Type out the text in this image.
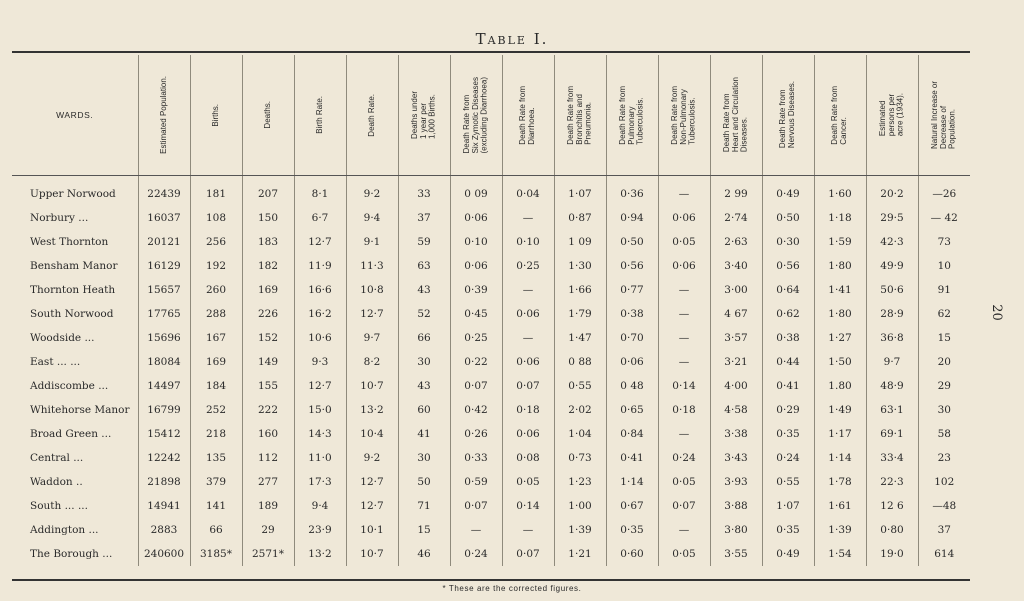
Table I.
WARDS.	Estimated Population.	Births.	Deaths.	Birth Rate.	Death Rate.	Deaths under
1 year per
1,000 Births.	Death Rate from
Six Zymotic Diseases
(excluding Diarrhoea)	Death Rate from
Diarrhoea.	Death Rate from
Bronchitis and
Pneumonia.	Death Rate from
Pulmonary
Tuberculosis.	Death Rate from
Non-Pulmonary
Tuberculosis.	Death Rate from
Heart and Circulation
Diseases.	Death Rate from
Nervous Diseases.	Death Rate from
Cancer.	Estimated
persons per
acre (1934).	Natural Increase or
Decrease of
Population.

Upper Norwood	22439	181	207	8·1	9·2	33	0 09	0·04	1·07	0·36	—	2 99	0·49	1·60	20·2	—26
Norbury ...	16037	108	150	6·7	9·4	37	0·06	—	0·87	0·94	0·06	2·74	0·50	1·18	29·5	— 42
West Thornton	20121	256	183	12·7	9·1	59	0·10	0·10	1 09	0·50	0·05	2·63	0·30	1·59	42·3	73
Bensham Manor	16129	192	182	11·9	11·3	63	0·06	0·25	1·30	0·56	0·06	3·40	0·56	1·80	49·9	10
Thornton Heath	15657	260	169	16·6	10·8	43	0·39	—	1·66	0·77	—	3·00	0·64	1·41	50·6	91
South Norwood	17765	288	226	16·2	12·7	52	0·45	0·06	1·79	0·38	—	4 67	0·62	1·80	28·9	62
Woodside ...	15696	167	152	10·6	9·7	66	0·25	—	1·47	0·70	—	3·57	0·38	1·27	36·8	15
East ... ...	18084	169	149	9·3	8·2	30	0·22	0·06	0 88	0·06	—	3·21	0·44	1·50	9·7	20
Addiscombe ...	14497	184	155	12·7	10·7	43	0·07	0·07	0·55	0 48	0·14	4·00	0·41	1.80	48·9	29
Whitehorse Manor	16799	252	222	15·0	13·2	60	0·42	0·18	2·02	0·65	0·18	4·58	0·29	1·49	63·1	30
Broad Green ...	15412	218	160	14·3	10·4	41	0·26	0·06	1·04	0·84	—	3·38	0·35	1·17	69·1	58
Central ...	12242	135	112	11·0	9·2	30	0·33	0·08	0·73	0·41	0·24	3·43	0·24	1·14	33·4	23
Waddon ..	21898	379	277	17·3	12·7	50	0·59	0·05	1·23	1·14	0·05	3·93	0·55	1·78	22·3	102
South ... ...	14941	141	189	9·4	12·7	71	0·07	0·14	1·00	0·67	0·07	3·88	1·07	1·61	12 6	—48
Addington ...	2883	66	29	23·9	10·1	15	—	—	1·39	0·35	—	3·80	0·35	1·39	0·80	37
The Borough ...	240600	3185*	2571*	13·2	10·7	46	0·24	0·07	1·21	0·60	0·05	3·55	0·49	1·54	19·0	614
20
* These are the corrected figures.
